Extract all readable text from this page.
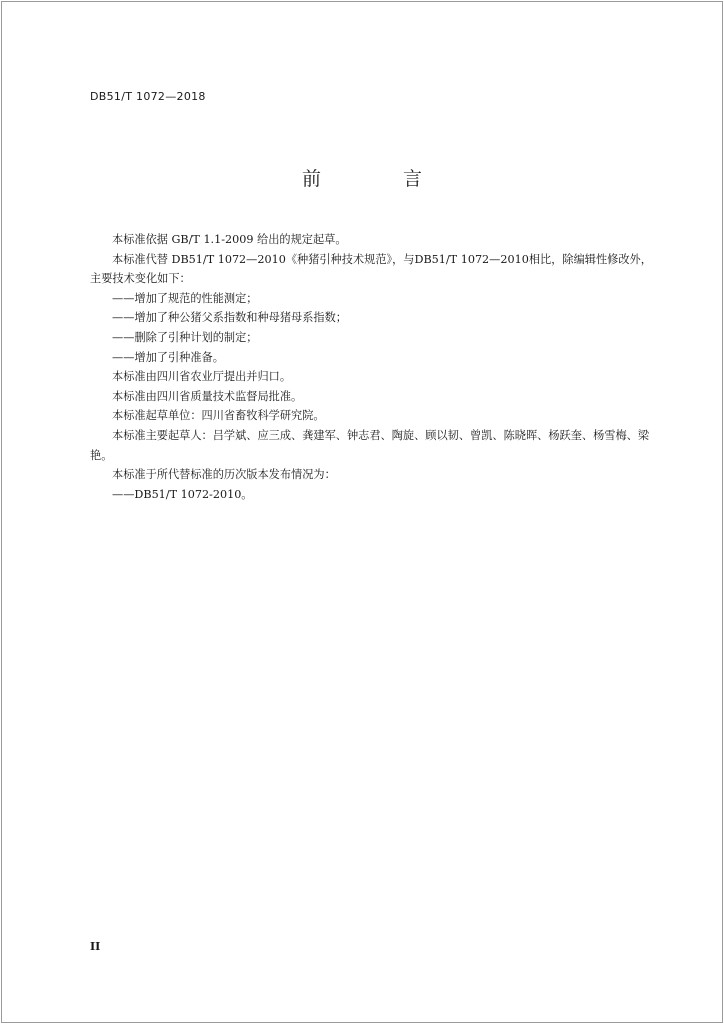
DB51/T 1072—2018
前 言

本标准依据 GB/T 1.1-2009 给出的规定起草。

本标准代替 DB51/T 1072—2010《种猪引种技术规范》，与DB51/T 1072—2010相比，除编辑性修改外，主要技术变化如下：

——增加了规范的性能测定；

——增加了种公猪父系指数和种母猪母系指数；

——删除了引种计划的制定；

——增加了引种准备。

本标准由四川省农业厅提出并归口。

本标准由四川省质量技术监督局批准。

本标准起草单位：四川省畜牧科学研究院。

本标准主要起草人：吕学斌、应三成、龚建军、钟志君、陶旋、顾以韧、曾凯、陈晓晖、杨跃奎、杨雪梅、梁艳。

本标准于所代替标准的历次版本发布情况为：

——DB51/T 1072-2010。

II
